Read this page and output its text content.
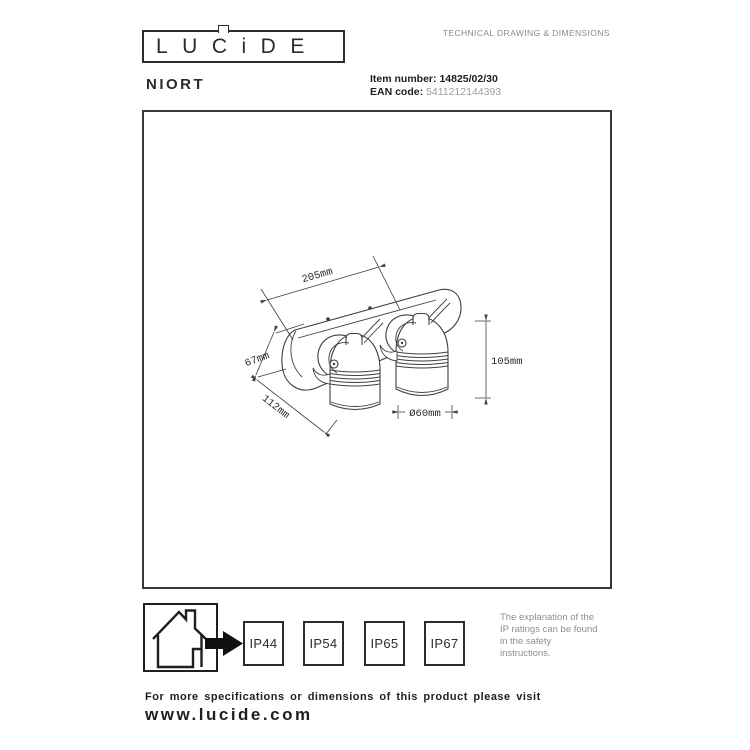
LUCiDE
TECHNICAL DRAWING & DIMENSIONS
NIORT	Item number: 14825/02/30
EAN code: 5411212144393
205mm
67mm
112mm
105mm
Ø60mm
IP44	IP54	IP65	IP67
The explanation of the
IP ratings can be found
in the safety
instructions.
For more specifications or dimensions of this product please visit
www.lucide.com
